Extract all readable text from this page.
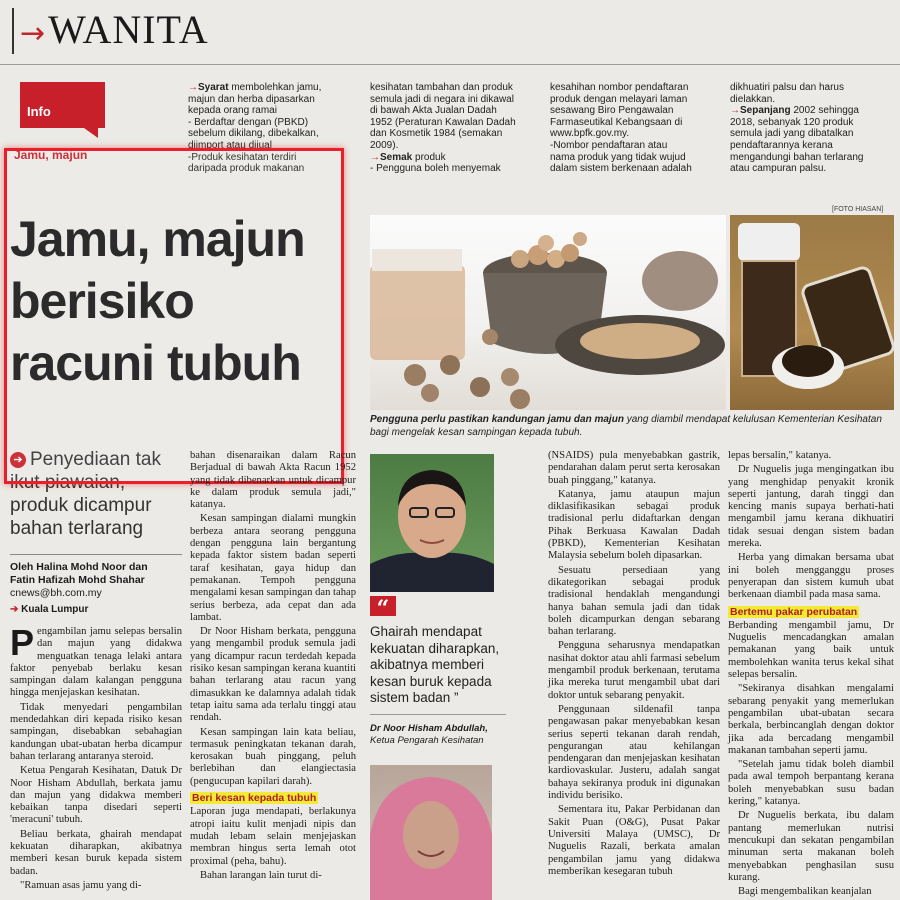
→WANITA
Info

→Syarat membolehkan jamu,

majun dan herba dipasarkan

kepada orang ramai

- Berdaftar dengan (PBKD)

sebelum dikilang, dibekalkan,

diimport atau dijual

-Produk kesihatan terdiri

daripada produk makanan

kesihatan tambahan dan produk

semula jadi di negara ini dikawal

di bawah Akta Jualan Dadah

1952 (Peraturan Kawalan Dadah

dan Kosmetik 1984 (semakan

2009).

→Semak produk

- Pengguna boleh menyemak

kesahihan nombor pendaftaran

produk dengan melayari laman

sesawang Biro Pengawalan

Farmaseutikal Kebangsaan di

www.bpfk.gov.my.

-Nombor pendaftaran atau

nama produk yang tidak wujud

dalam sistem berkenaan adalah

dikhuatiri palsu dan harus

dielakkan.

→Sepanjang 2002 sehingga

2018, sebanyak 120 produk

semula jadi yang dibatalkan

pendaftarannya kerana

mengandungi bahan terlarang

atau campuran palsu.

Jamu, majun
Jamu, majun
berisiko
racuni tubuh
➔ Penyediaan tak
ikut piawaian,
produk dicampur
bahan terlarang
Oleh Halina Mohd Noor dan
Fatin Hafizah Mohd Shahar
cnews@bh.com.my
➔ Kuala Lumpur

Pengambilan jamu selepas bersalin dan majun yang didakwa menguatkan tenaga lelaki antara faktor penyebab berlaku kesan sampingan dalam kalangan pengguna hingga menjejaskan kesihatan.

Tidak menyedari pengambilan mendedahkan diri kepada risiko kesan sampingan, disebabkan sebahagian kandungan ubat-ubatan herba dicampur bahan terlarang antaranya steroid.

Ketua Pengarah Kesihatan, Datuk Dr Noor Hisham Abdullah, berkata jamu dan majun yang didakwa memberi kebaikan tanpa disedari seperti 'meracuni' tubuh.

Beliau berkata, ghairah mendapat kekuatan diharapkan, akibatnya memberi kesan buruk kepada sistem badan.

"Ramuan asas jamu yang di-

bahan disenaraikan dalam Racun Berjadual di bawah Akta Racun 1952 yang tidak dibenarkan untuk dicampur ke dalam produk semula jadi," katanya.

Kesan sampingan dialami mungkin berbeza antara seorang pengguna dengan pengguna lain bergantung kepada faktor sistem badan seperti taraf kesihatan, gaya hidup dan pemakanan. Tempoh pengguna mengalami kesan sampingan dan tahap serius berbeza, ada cepat dan ada lambat.

Dr Noor Hisham berkata, pengguna yang mengambil produk semula jadi yang dicampur racun terdedah kepada risiko kesan sampingan kerana kuantiti bahan terlarang atau racun yang dimasukkan ke dalamnya adalah tidak tetap iaitu sama ada terlalu tinggi atau rendah.

Kesan sampingan lain kata beliau, termasuk peningkatan tekanan darah, kerosakan buah pinggang, peluh berlebihan dan elangiectasia (pengucupan kapilari darah).

Beri kesan kepada tubuh

Laporan juga mendapati, berlakunya atropi iaitu kulit menjadi nipis dan mudah lebam selain menjejaskan membran hingus serta lemah otot proximal (peha, bahu).

Bahan larangan lain turut di-

[FOTO HIASAN]
Pengguna perlu pastikan kandungan jamu dan majun yang diambil mendapat kelulusan Kementerian Kesihatan bagi mengelak kesan sampingan kepada tubuh.
“
Ghairah mendapat kekuatan diharapkan, akibatnya memberi kesan buruk kepada sistem badan ”
Dr Noor Hisham Abdullah,
Ketua Pengarah Kesihatan

(NSAIDS) pula menyebabkan gastrik, pendarahan dalam perut serta kerosakan buah pinggang," katanya.

Katanya, jamu ataupun majun diklasifikasikan sebagai produk tradisional perlu didaftarkan dengan Pihak Berkuasa Kawalan Dadah (PBKD), Kementerian Kesihatan Malaysia sebelum boleh dipasarkan.

Sesuatu persediaan yang dikategorikan sebagai produk tradisional hendaklah mengandungi hanya bahan semula jadi dan tidak boleh dicampurkan dengan sebarang bahan terlarang.

Pengguna seharusnya mendapatkan nasihat doktor atau ahli farmasi sebelum mengambil produk berkenaan, terutama jika mereka turut mengambil ubat dari doktor untuk sebarang penyakit.

Penggunaan sildenafil tanpa pengawasan pakar menyebabkan kesan serius seperti tekanan darah rendah, pengurangan atau kehilangan pendengaran dan menjejaskan kesihatan kardiovaskular. Justeru, adalah sangat bahaya sekiranya produk ini digunakan individu berisiko.

Sementara itu, Pakar Perbidanan dan Sakit Puan (O&G), Pusat Pakar Universiti Malaya (UMSC), Dr Nuguelis Razali, berkata amalan pengambilan jamu yang didakwa memberikan kesegaran tubuh

lepas bersalin," katanya.

Dr Nuguelis juga mengingatkan ibu yang menghidap penyakit kronik seperti jantung, darah tinggi dan kencing manis supaya berhati-hati mengambil jamu kerana dikhuatiri tidak sesuai dengan sistem badan mereka.

Herba yang dimakan bersama ubat ini boleh mengganggu proses penyerapan dan sistem kumuh ubat berkenaan diambil pada masa sama.

Bertemu pakar perubatan

Berbanding mengambil jamu, Dr Nuguelis mencadangkan amalan pemakanan yang baik untuk membolehkan wanita terus kekal sihat selepas bersalin.

"Sekiranya disahkan mengalami sebarang penyakit yang memerlukan pengambilan ubat-ubatan secara berkala, berbincanglah dengan doktor jika ada bercadang mengambil makanan tambahan seperti jamu.

"Setelah jamu tidak boleh diambil pada awal tempoh berpantang kerana boleh menyebabkan susu badan kering," katanya.

Dr Nuguelis berkata, ibu dalam pantang memerlukan nutrisi mencukupi dan sekatan pengambilan minuman serta makanan boleh menyebabkan penghasilan susu kurang.

Bagi mengembalikan keanjalan
